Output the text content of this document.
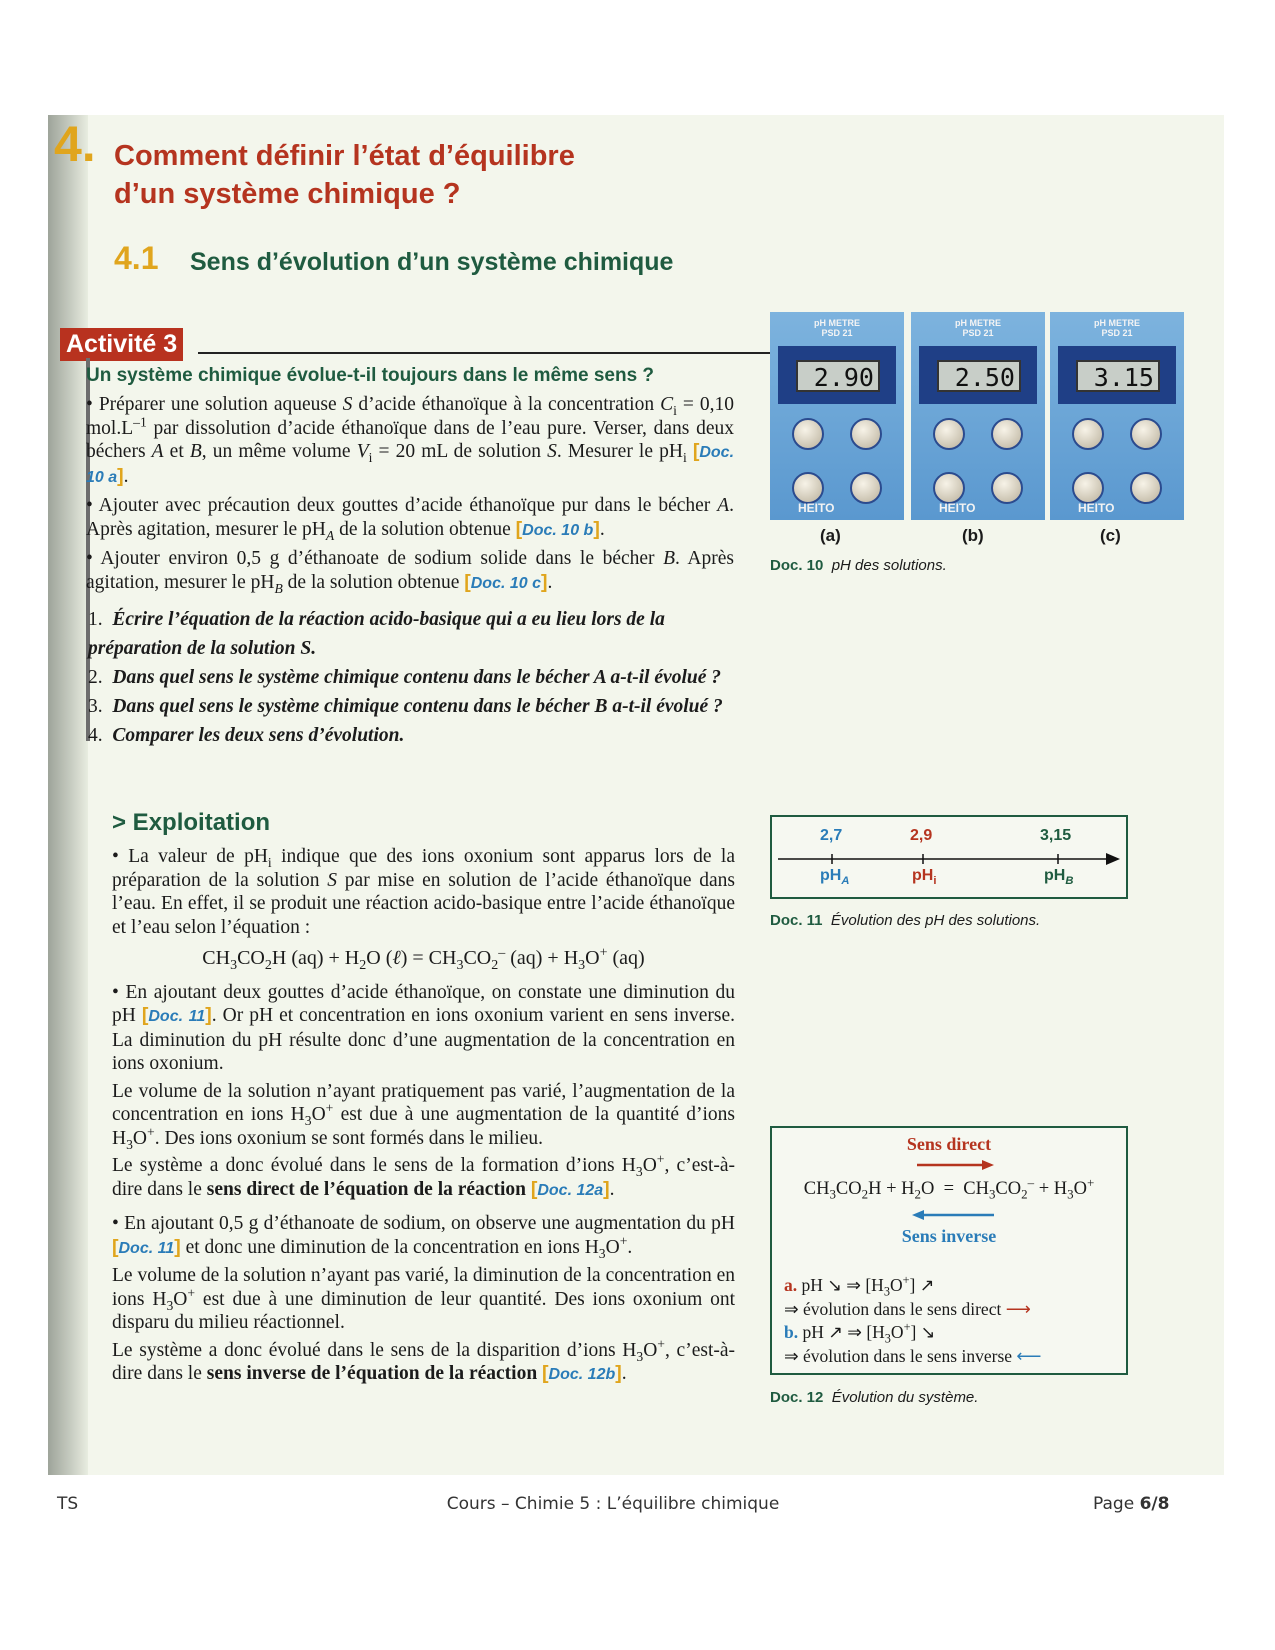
4. Comment définir l’état d’équilibre
d’un système chimique ?
4.1 Sens d’évolution d’un système chimique
Activité 3
Un système chimique évolue-t-il toujours dans le même sens ?
• Préparer une solution aqueuse S d’acide éthanoïque à la concentration $C_i = 0,10$ $mol.L^{-1}$ par dissolution d’acide éthanoïque dans de l’eau pure. Verser, dans deux béchers A et B, un même volume $V_i = 20$ mL de solution S. Mesurer le $pH_i$ [Doc. 10 a].
• Ajouter avec précaution deux gouttes d’acide éthanoïque pur dans le bécher A. Après agitation, mesurer le $pH_A$ de la solution obtenue [Doc. 10 b].
• Ajouter environ 0,5 g d’éthanoate de sodium solide dans le bécher B. Après agitation, mesurer le $pH_B$ de la solution obtenue [Doc. 10 c].
1. Écrire l’équation de la réaction acido-basique qui a eu lieu lors de la
préparation de la solution S.
2. Dans quel sens le système chimique contenu dans le bécher A a-t-il évolué ?
3. Dans quel sens le système chimique contenu dans le bécher B a-t-il évolué ?
4. Comparer les deux sens d’évolution.
> Exploitation
• La valeur de $pH_i$ indique que des ions oxonium sont apparus lors de la préparation de la solution S par mise en solution de l’acide éthanoïque dans l’eau. En effet, il se produit une réaction acido-basique entre l’acide éthanoïque et l’eau selon l’équation :
$CH_3CO_2H$ $(aq) + H_2O$ (ℓ) = $CH_3CO_2^-$ $(aq) + H_3O^+$ (aq)
• En ajoutant deux gouttes d’acide éthanoïque, on constate une diminution du pH [Doc. 11]. Or pH et concentration en ions oxonium varient en sens inverse. La diminution du pH résulte donc d’une augmentation de la concentration en ions oxonium.
Le volume de la solution n’ayant pratiquement pas varié, l’augmentation de la concentration en ions $H_3O^+$ est due à une augmentation de la quantité d’ions $H_3O^+$. Des ions oxonium se sont formés dans le milieu.
Le système a donc évolué dans le sens de la formation d’ions $H_3O^+$, c’est-à-dire dans le sens direct de l’équation de la réaction [Doc. 12a].
• En ajoutant 0,5 g d’éthanoate de sodium, on observe une augmentation du pH [Doc. 11] et donc une diminution de la concentration en ions $H_3O^+$.
Le volume de la solution n’ayant pas varié, la diminution de la concentration en ions $H_3O^+$ est due à une diminution de leur quantité. Des ions oxonium ont disparu du milieu réactionnel.
Le système a donc évolué dans le sens de la disparition d’ions $H_3O^+$, c’est-à-dire dans le sens inverse de l’équation de la réaction [Doc. 12b].
pH METRE
PSD 21
2.90
HEITO
pH METRE
PSD 21
2.50
HEITO
pH METRE
PSD 21
3.15
HEITO
(a)	(b)	(c)
Doc. 10 pH des solutions.
2,7	2,9	3,15
$pH_A$	$pH_i$	$pH_B$
Doc. 11 Évolution des pH des solutions.
Sens direct
$CH_3CO_2H + H_2O = CH_3CO_2^- + H_3O^+$
Sens inverse
a. pH ↘ ⇒ $[H_3O^+]$ ↗
⇒ évolution dans le sens direct ⟶
b. pH ↗ ⇒ $[H_3O^+]$ ↘
⇒ évolution dans le sens inverse ⟵
Doc. 12 Évolution du système.
TS	Cours – Chimie 5 : L’équilibre chimique	Page 6/8
